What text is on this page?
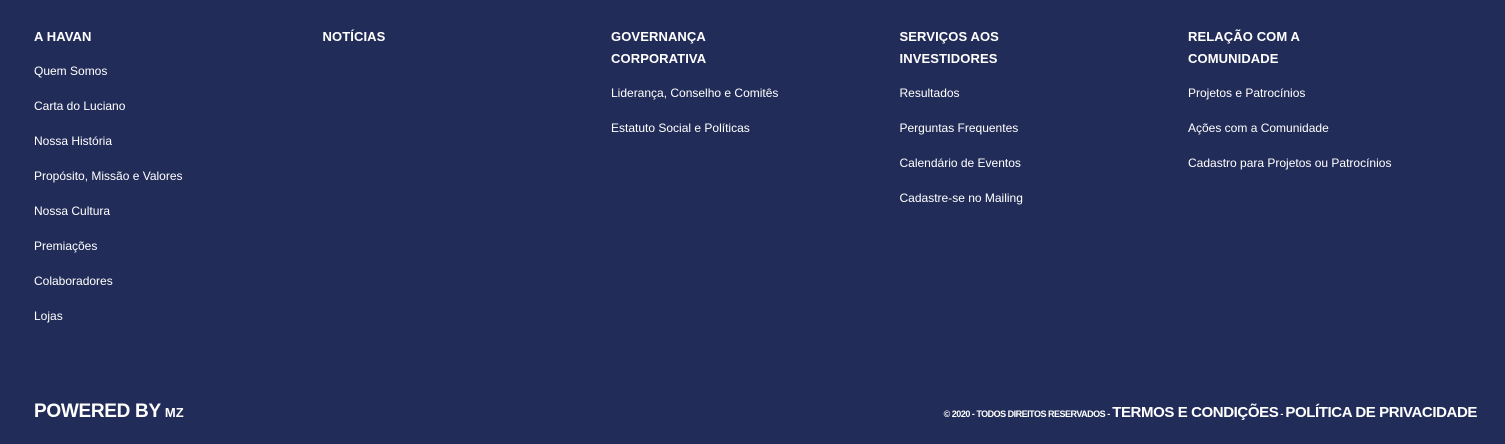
A HAVAN
Quem Somos
Carta do Luciano
Nossa História
Propósito, Missão e Valores
Nossa Cultura
Premiações
Colaboradores
Lojas
NOTÍCIAS	GOVERNANÇA CORPORATIVA
Liderança, Conselho e Comitês
Estatuto Social e Políticas
SERVIÇOS AOS INVESTIDORES
Resultados
Perguntas Frequentes
Calendário de Eventos
Cadastre-se no Mailing
RELAÇÃO COM A COMUNIDADE
Projetos e Patrocínios
Ações com a Comunidade
Cadastro para Projetos ou Patrocínios
POWERED BY MZ	© 2020 - TODOS DIREITOS RESERVADOS - TERMOS E CONDIÇÕES - POLÍTICA DE PRIVACIDADE
